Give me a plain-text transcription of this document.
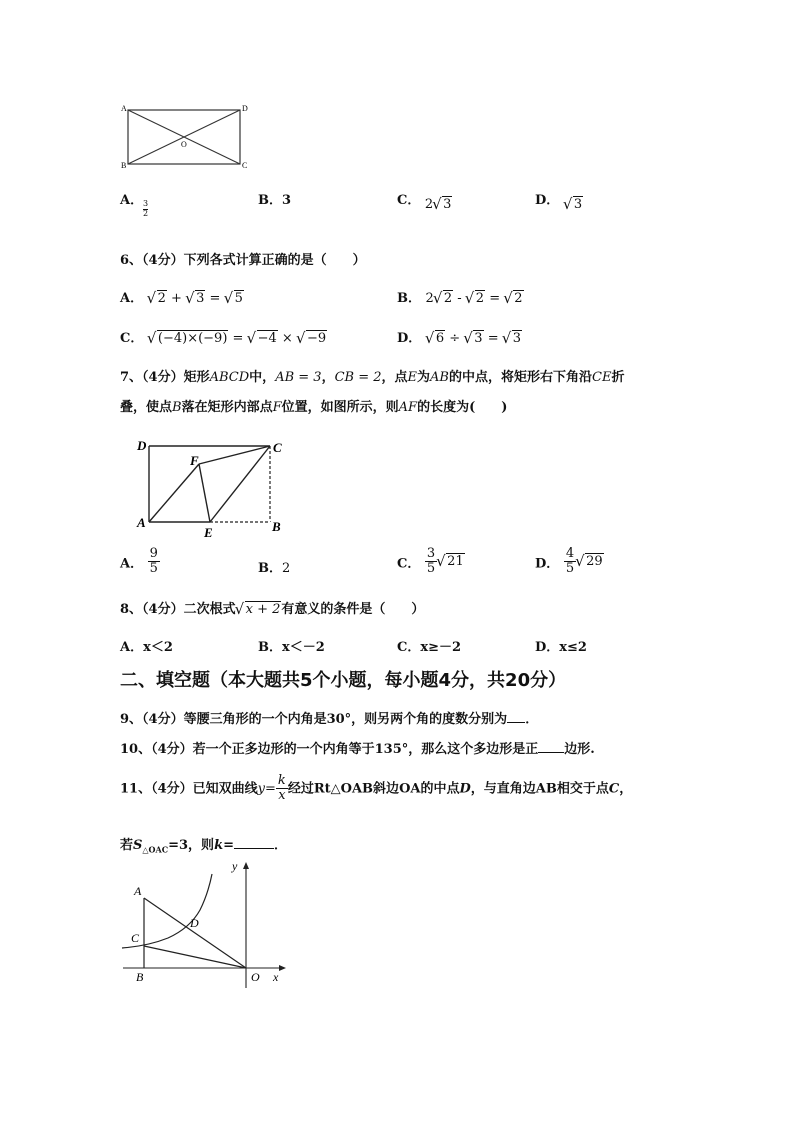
A
B	C
D
O
A． 3
2
B．3	C． 2 √ 3	D． √ 3
6、（4分）下列各式计算正确的是（　　）
A． √ 2 + √ 3 = √ 5	B． 2 √ 2 - √ 2 = √ 2
C． √ (−4)×(−9) = √ −4 × √ −9	D． √ 6 ÷ √ 3 = √ 3
7、（4分）矩形ABCD中，AB = 3，CB = 2，点E为AB的中点，将矩形右下角沿CE折
叠，使点B落在矩形内部点F位置，如图所示，则AF的长度为(　　)
D
A
C
B
E
F
A． $\frac{9}{5}$	B．2	C． $\frac{3}{5}$ √ 21	D． $\frac{4}{5}$ √ 29
8、（4分）二次根式 √ x + 2有意义的条件是（　　）
A．x＜2	B．x＜－2	C．x≥－2	D．x≤2
二、填空题（本大题共5个小题，每小题4分，共20分）
9、（4分）等腰三角形的一个内角是30°，则另两个角的度数分别为 ．
10、（4分）若一个正多边形的一个内角等于135°，那么这个多边形是正 边形.
11、（4分）已知双曲线$y= \frac{k}{x}$ 经过Rt△OAB斜边OA的中点D，与直角边AB相交于点C，
若$S_{\triangle OAC}=3$，则k=	．
A
C
D
B	O x
y
